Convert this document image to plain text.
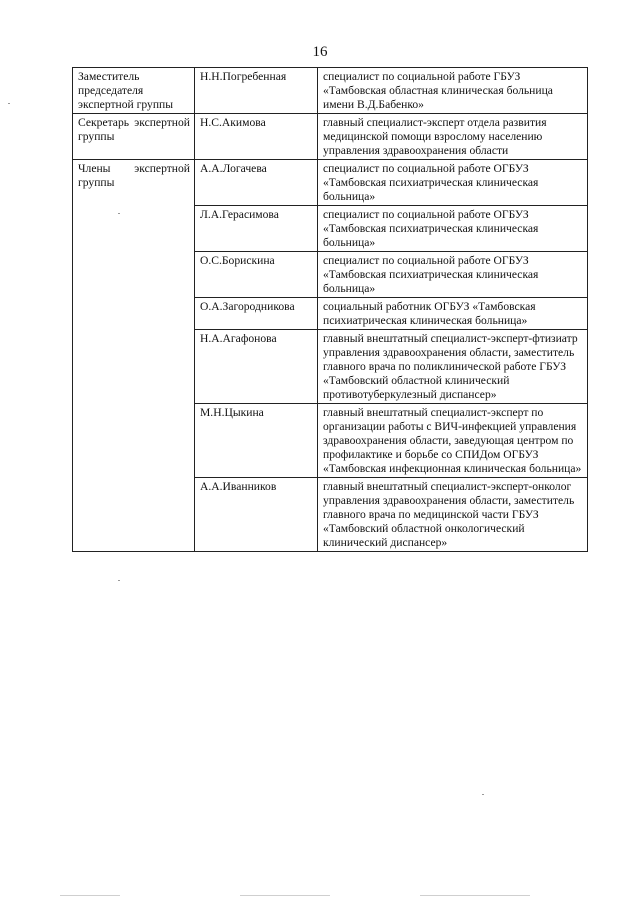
16
Заместитель председателя экспертной группы	Н.Н.Погребенная	специалист по социальной работе ГБУЗ «Тамбовская областная клиническая больница имени В.Д.Бабенко»
Секретарь экспертной группы	Н.С.Акимова	главный специалист-эксперт отдела развития медицинской помощи взрослому населению управления здравоохранения области
Члены экспертной группы	А.А.Логачева	специалист по социальной работе ОГБУЗ «Тамбовская психиатрическая клиническая больница»
	Л.А.Герасимова	специалист по социальной работе ОГБУЗ «Тамбовская психиатрическая клиническая больница»
	О.С.Борискина	специалист по социальной работе ОГБУЗ «Тамбовская психиатрическая клиническая больница»
	О.А.Загородникова	социальный работник ОГБУЗ «Тамбовская психиатрическая клиническая больница»
	Н.А.Агафонова	главный внештатный специалист-эксперт-фтизиатр управления здравоохранения области, заместитель главного врача по поликлинической работе ГБУЗ «Тамбовский областной клинический противотуберкулезный диспансер»
	М.Н.Цыкина	главный внештатный специалист-эксперт по организации работы с ВИЧ-инфекцией управления здравоохранения области, заведующая центром по профилактике и борьбе со СПИДом ОГБУЗ «Тамбовская инфекционная клиническая больница»
	А.А.Иванников	главный внештатный специалист-эксперт-онколог управления здравоохранения области, заместитель главного врача по медицинской части ГБУЗ «Тамбовский областной онкологический клинический диспансер»
